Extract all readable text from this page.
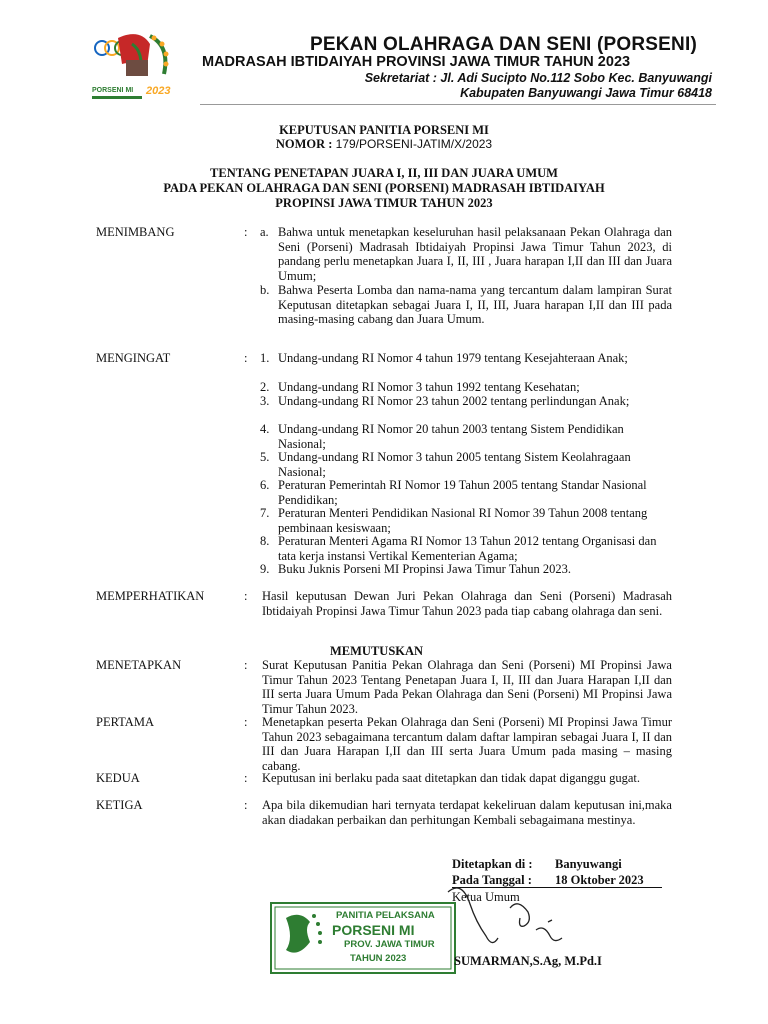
PORSENI MI 2023
PEKAN OLAHRAGA DAN SENI (PORSENI)
MADRASAH IBTIDAIYAH PROVINSI JAWA TIMUR TAHUN 2023
Sekretariat : Jl. Adi Sucipto No.112 Sobo Kec. Banyuwangi
Kabupaten Banyuwangi Jawa Timur 68418
KEPUTUSAN PANITIA PORSENI MI
NOMOR : 179/PORSENI-JATIM/X/2023
TENTANG PENETAPAN JUARA I, II, III DAN JUARA UMUM
PADA PEKAN OLAHRAGA DAN SENI (PORSENI) MADRASAH IBTIDAIYAH
PROPINSI JAWA TIMUR TAHUN 2023
MENIMBANG	: a. Bahwa untuk menetapkan keseluruhan hasil pelaksanaan Pekan Olahraga dan Seni (Porseni) Madrasah Ibtidaiyah Propinsi Jawa Timur Tahun 2023, di pandang perlu menetapkan Juara I, II, III , Juara harapan I,II dan III dan Juara Umum;
b. Bahwa Peserta Lomba dan nama-nama yang tercantum dalam lampiran Surat Keputusan ditetapkan sebagai Juara I, II, III, Juara harapan I,II dan III pada masing-masing cabang dan Juara Umum.
MENGINGAT	: 1. Undang-undang RI Nomor 4 tahun 1979 tentang Kesejahteraan Anak;
2. Undang-undang RI Nomor 3 tahun 1992 tentang Kesehatan;
3. Undang-undang RI Nomor 23 tahun 2002 tentang perlindungan Anak;
4. Undang-undang RI Nomor 20 tahun 2003 tentang Sistem Pendidikan Nasional;
5. Undang-undang RI Nomor 3 tahun 2005 tentang Sistem Keolahragaan Nasional;
6. Peraturan Pemerintah RI Nomor 19 Tahun 2005 tentang Standar Nasional Pendidikan;
7. Peraturan Menteri Pendidikan Nasional RI Nomor 39 Tahun 2008 tentang pembinaan kesiswaan;
8. Peraturan Menteri Agama RI Nomor 13 Tahun 2012 tentang Organisasi dan tata kerja instansi Vertikal Kementerian Agama;
9. Buku Juknis Porseni MI Propinsi Jawa Timur Tahun 2023.
MEMPERHATIKAN	: Hasil keputusan Dewan Juri Pekan Olahraga dan Seni (Porseni) Madrasah Ibtidaiyah Propinsi Jawa Timur Tahun 2023 pada tiap cabang olahraga dan seni.
MEMUTUSKAN
MENETAPKAN	: Surat Keputusan Panitia Pekan Olahraga dan Seni (Porseni) MI Propinsi Jawa Timur Tahun 2023 Tentang Penetapan Juara I, II, III dan Juara Harapan I,II dan III serta Juara Umum Pada Pekan Olahraga dan Seni (Porseni) MI Propinsi Jawa Timur Tahun 2023.
PERTAMA	: Menetapkan peserta Pekan Olahraga dan Seni (Porseni) MI Propinsi Jawa Timur Tahun 2023 sebagaimana tercantum dalam daftar lampiran sebagai Juara I, II dan III dan Juara Harapan I,II dan III serta Juara Umum pada masing – masing cabang.
KEDUA	: Keputusan ini berlaku pada saat ditetapkan dan tidak dapat diganggu gugat.
KETIGA	: Apa bila dikemudian hari ternyata terdapat kekeliruan dalam keputusan ini,maka akan diadakan perbaikan dan perhitungan Kembali sebagaimana mestinya.
Ditetapkan di : Banyuwangi
Pada Tanggal : 18 Oktober 2023
Ketua Umum
PANITIA PELAKSANA
PORSENI MI
PROV. JAWA TIMUR
TAHUN 2023	SUMARMAN,S.Ag, M.Pd.I
